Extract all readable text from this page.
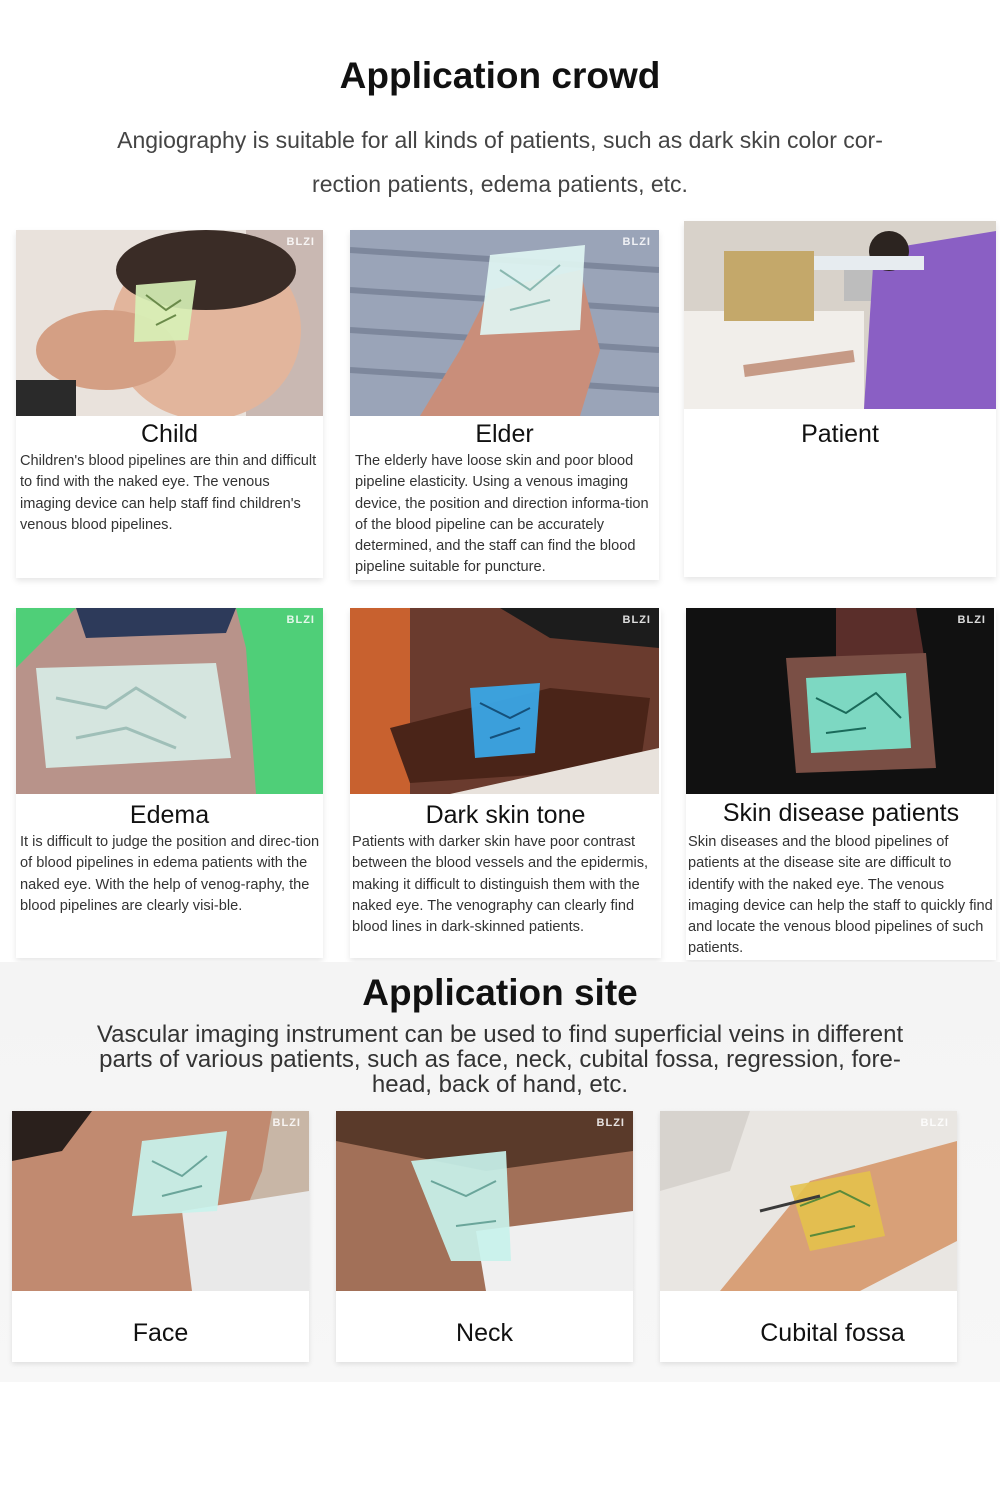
Application crowd
Angiography is suitable for all kinds of patients, such as dark skin color cor-
rection patients, edema patients, etc.
BLZI
Child
Children's blood pipelines are thin and difficult to find with the naked eye. The venous imaging device can help staff find children's venous blood pipelines.
BLZI
Elder
The elderly have loose skin and poor blood pipeline elasticity. Using a venous imaging device, the position and direction informa-tion of the blood pipeline can be accurately determined, and the staff can find the blood pipeline suitable for puncture.
Patient
BLZI
Edema
It is difficult to judge the position and direc-tion of blood pipelines in edema patients with the naked eye. With the help of venog-raphy, the blood pipelines are clearly visi-ble.
BLZI
Dark skin tone
Patients with darker skin have poor contrast between the blood vessels and the epidermis, making it difficult to distinguish them with the naked eye. The venography can clearly find blood lines in dark-skinned patients.
BLZI
Skin disease patients
Skin diseases and the blood pipelines of patients at the disease site are difficult to identify with the naked eye. The venous imaging device can help the staff to quickly find and locate the venous blood pipelines of such patients.
Application site
Vascular imaging instrument can be used to find superficial veins in different
parts of various patients, such as face, neck, cubital fossa, regression, fore-
head, back of hand, etc.
BLZI
Face
BLZI
Neck
BLZI
Cubital fossa
